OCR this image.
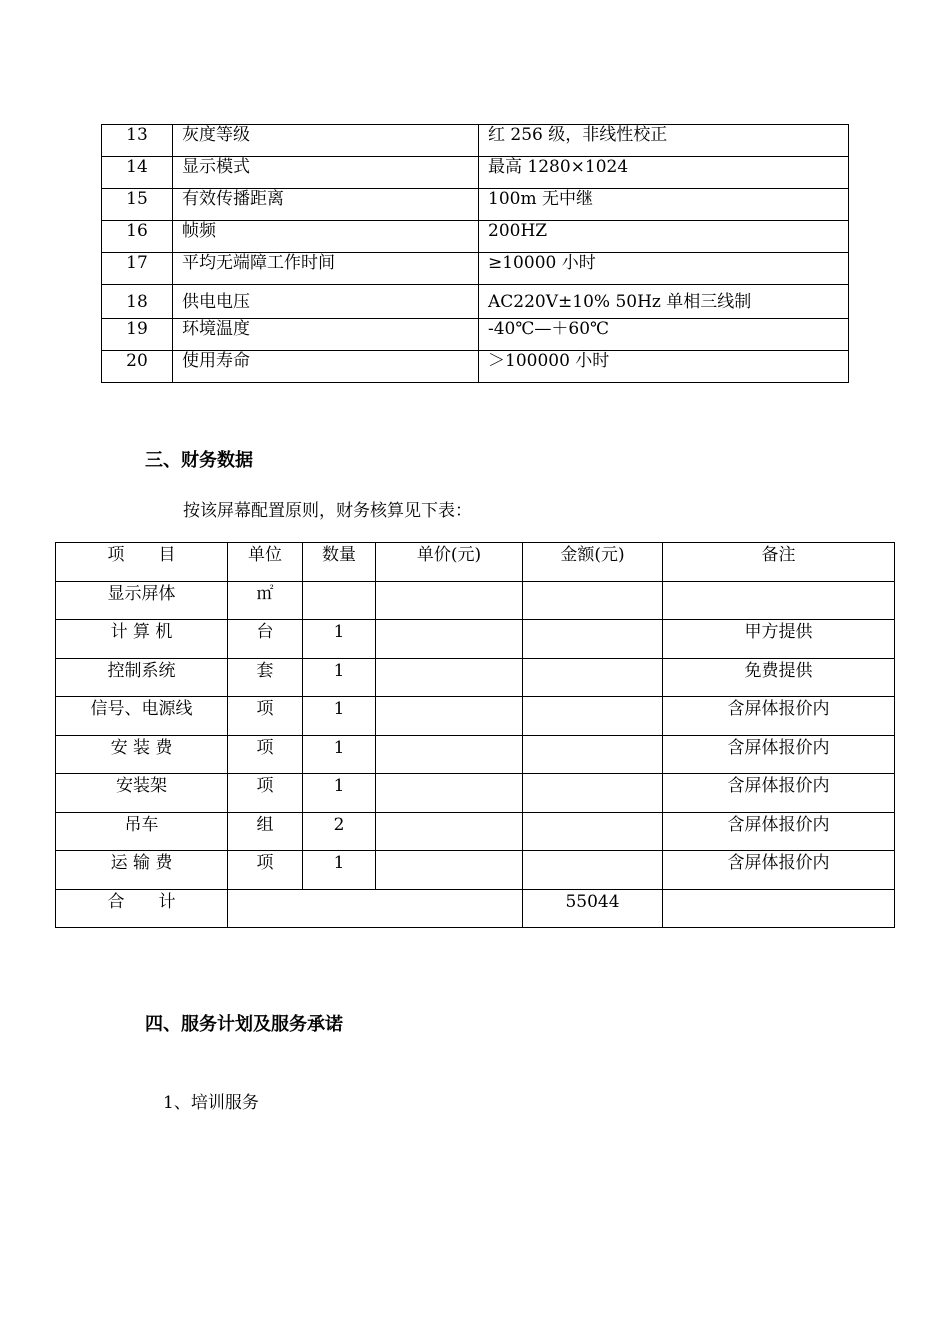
13	灰度等级	红 256 级，非线性校正
14	显示模式	最高 1280×1024
15	有效传播距离	100m 无中继
16	帧频	200HZ
17	平均无端障工作时间	≥10000 小时
18	供电电压	AC220V±10% 50Hz 单相三线制
19	环境温度	-40℃—＋60℃
20	使用寿命	＞100000 小时
三、财务数据
按该屏幕配置原则，财务核算见下表：
项　　目	单位	数量	单价(元)	金额(元)	备注
显示屏体	㎡				
计 算 机	台	1			甲方提供
控制系统	套	1			免费提供
信号、电源线	项	1			含屏体报价内
安 装 费	项	1			含屏体报价内
安装架	项	1			含屏体报价内
吊车	组	2			含屏体报价内
运 输 费	项	1			含屏体报价内
合　　计				55044	
四、服务计划及服务承诺
1、培训服务
